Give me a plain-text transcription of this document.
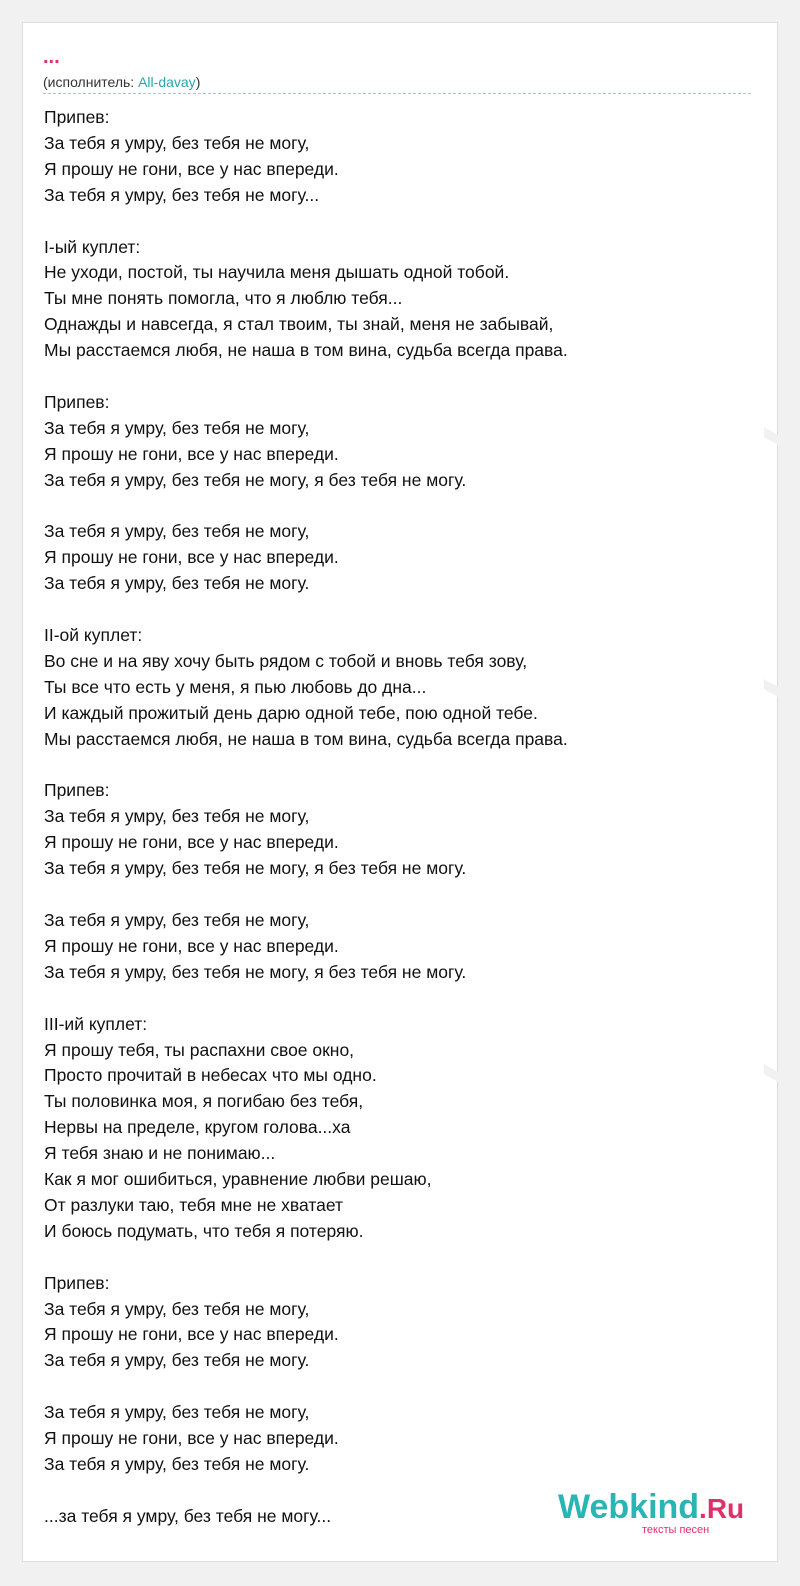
...
(исполнитель: All-davay)
Припев:
За тебя я умру, без тебя не могу,
Я прошу не гони, все у нас впереди.
За тебя я умру, без тебя не могу...
I-ый куплет:
Не уходи, постой, ты научила меня дышать одной тобой.
Ты мне понять помогла, что я люблю тебя...
Однажды и навсегда, я стал твоим, ты знай, меня не забывай,
Мы расстаемся любя, не наша в том вина, судьба всегда права.
Припев:
За тебя я умру, без тебя не могу,
Я прошу не гони, все у нас впереди.
За тебя я умру, без тебя не могу, я без тебя не могу.
За тебя я умру, без тебя не могу,
Я прошу не гони, все у нас впереди.
За тебя я умру, без тебя не могу.
II-ой куплет:
Во сне и на яву хочу быть рядом с тобой и вновь тебя зову,
Ты все что есть у меня, я пью любовь до дна...
И каждый прожитый день дарю одной тебе, пою одной тебе.
Мы расстаемся любя, не наша в том вина, судьба всегда права.
Припев:
За тебя я умру, без тебя не могу,
Я прошу не гони, все у нас впереди.
За тебя я умру, без тебя не могу, я без тебя не могу.
За тебя я умру, без тебя не могу,
Я прошу не гони, все у нас впереди.
За тебя я умру, без тебя не могу, я без тебя не могу.
III-ий куплет:
Я прошу тебя, ты распахни свое окно,
Просто прочитай в небесах что мы одно.
Ты половинка моя, я погибаю без тебя,
Нервы на пределе, кругом голова...ха
Я тебя знаю и не понимаю...
Как я мог ошибиться, уравнение любви решаю,
От разлуки таю, тебя мне не хватает
И боюсь подумать, что тебя я потеряю.
Припев:
За тебя я умру, без тебя не могу,
Я прошу не гони, все у нас впереди.
За тебя я умру, без тебя не могу.
За тебя я умру, без тебя не могу,
Я прошу не гони, все у нас впереди.
За тебя я умру, без тебя не могу.
...за тебя я умру, без тебя не могу...	Webkind.Ru
тексты песен
